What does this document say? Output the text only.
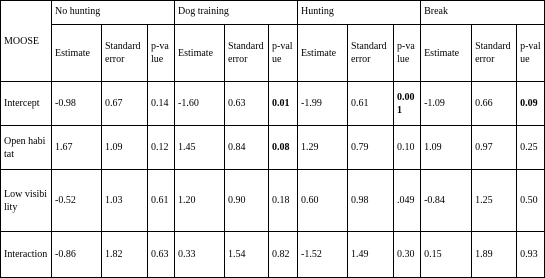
MOOSE	No hunting			Dog training			Hunting			Break		
	Estimate	Standard error	p-value	Estimate	Standard error	p-value	Estimate	Standard error	p-value	Estimate	Standard error	p-value
Intercept	-0.98	0.67	0.14	-1.60	0.63	0.01	-1.99	0.61	0.001	-1.09	0.66	0.09
Open habitat	1.67	1.09	0.12	1.45	0.84	0.08	1.29	0.79	0.10	1.09	0.97	0.25
Low visibility	-0.52	1.03	0.61	1.20	0.90	0.18	0.60	0.98	.049	-0.84	1.25	0.50
Interaction	-0.86	1.82	0.63	0.33	1.54	0.82	-1.52	1.49	0.30	0.15	1.89	0.93
